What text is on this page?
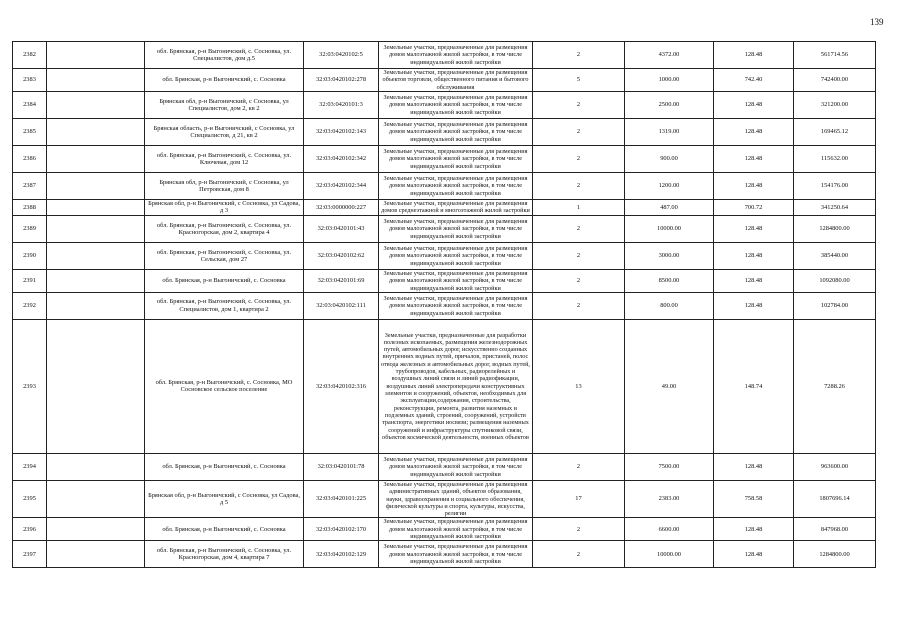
139
2382		обл. Брянская, р-н Выгоничский, с. Сосновка, ул. Специалистов, дом д.5	32:03:0420102:5	Земельные участки, предназначенные для размещения домов малоэтажной жилой застройки, в том числе индивидуальной жилой застройки	2	4372.00	128.48	561714.56
2383		обл. Брянская, р-н Выгоничский, с. Сосновка	32:03:0420102:278	Земельные участки, предназначенные для размещения объектов торговли, общественного питания и бытового обслуживания	5	1000.00	742.40	742400.00
2384		Брянская обл, р-н Выгоничский, с Сосновка, ул Специалистов, дом 2, кв 2	32:03:0420101:3	Земельные участки, предназначенные для размещения домов малоэтажной жилой застройки, в том числе индивидуальной жилой застройки	2	2500.00	128.48	321200.00
2385		Брянская область, р-н Выгоничский, с Сосновка, ул Специалистов, д 21, кв 2	32:03:0420102:143	Земельные участки, предназначенные для размещения домов малоэтажной жилой застройки, в том числе индивидуальной жилой застройки	2	1319.00	128.48	169465.12
2386		обл. Брянская, р-н Выгоничский, с. Сосновка, ул. Ключевая, дом 12	32:03:0420102:342	Земельные участки, предназначенные для размещения домов малоэтажной жилой застройки, в том числе индивидуальной жилой застройки	2	900.00	128.48	115632.00
2387		Брянская обл, р-н Выгоничский, с Сосновка, ул Петровская, дом 8	32:03:0420102:344	Земельные участки, предназначенные для размещения домов малоэтажной жилой застройки, в том числе индивидуальной жилой застройки	2	1200.00	128.48	154176.00
2388		Брянская обл, р-н Выгоничский, с Сосновка, ул Садова, д 3	32:03:0000000:227	Земельные участки, предназначенные для размещения домов среднеэтажной и многоэтажной жилой застройки	1	487.00	700.72	341250.64
2389		обл. Брянская, р-н Выгоничский, с. Сосновка, ул. Красногорская, дом 2, квартира 4	32:03:0420101:43	Земельные участки, предназначенные для размещения домов малоэтажной жилой застройки, в том числе индивидуальной жилой застройки	2	10000.00	128.48	1284800.00
2390		обл. Брянская, р-н Выгоничский, с. Сосновка, ул. Сельская, дом 27	32:03:0420102:62	Земельные участки, предназначенные для размещения домов малоэтажной жилой застройки, в том числе индивидуальной жилой застройки	2	3000.00	128.48	385440.00
2391		обл. Брянская, р-н Выгоничский, с. Сосновка	32:03:0420101:69	Земельные участки, предназначенные для размещения домов малоэтажной жилой застройки, в том числе индивидуальной жилой застройки	2	8500.00	128.48	1092080.00
2392		обл. Брянская, р-н Выгоничский, с. Сосновка, ул. Специалистов, дом 1, квартира 2	32:03:0420102:111	Земельные участки, предназначенные для размещения домов малоэтажной жилой застройки, в том числе индивидуальной жилой застройки	2	800.00	128.48	102784.00
2393		обл. Брянская, р-н Выгоничский, с. Сосновка, МО Сосновское сельское поселение	32:03:0420102:316	Земельные участки, предназначенные для разработки полезных ископаемых, размещения железнодорожных путей, автомобильных дорог, искусственно созданных внутренних водных путей, причалов, пристаней, полос отвода железных и автомобильных дорог, водных путей, трубопроводов, кабельных, радиорелейных и воздушных линий связи и линий радиофикации, воздушных линий электропередачи конструктивных элементов и сооружений, объектов, необходимых для эксплуатации,содержания, строительства, реконструкции, ремонта, развития наземных и подземных зданий, строений, сооружений, устройств транспорта, энергетики иосвязи; размещения наземных сооружений и инфраструктуры спутниковой связи, объектов космической деятельности, военных объектов	13	49.00	148.74	7288.26
2394		обл. Брянская, р-н Выгоничский, с. Сосновка	32:03:0420101:78	Земельные участки, предназначенные для размещения домов малоэтажной жилой застройки, в том числе индивидуальной жилой застройки	2	7500.00	128.48	963600.00
2395		Брянская обл, р-н Выгоничский, с Сосновка, ул Садова, д 5	32:03:0420101:225	Земельные участки, предназначенные для размещения административных зданий, объектов образования, науки, здравоохранения и социального обеспечения, физической культуры и спорта, культуры, искусства, религии	17	2383.00	758.58	1807696.14
2396		обл. Брянская, р-н Выгоничский, с. Сосновка	32:03:0420102:170	Земельные участки, предназначенные для размещения домов малоэтажной жилой застройки, в том числе индивидуальной жилой застройки	2	6600.00	128.48	847968.00
2397		обл. Брянская, р-н Выгоничский, с. Сосновка, ул. Красногорская, дом 4, квартира 7	32:03:0420102:129	Земельные участки, предназначенные для размещения домов малоэтажной жилой застройки, в том числе индивидуальной жилой застройки	2	10000.00	128.48	1284800.00
